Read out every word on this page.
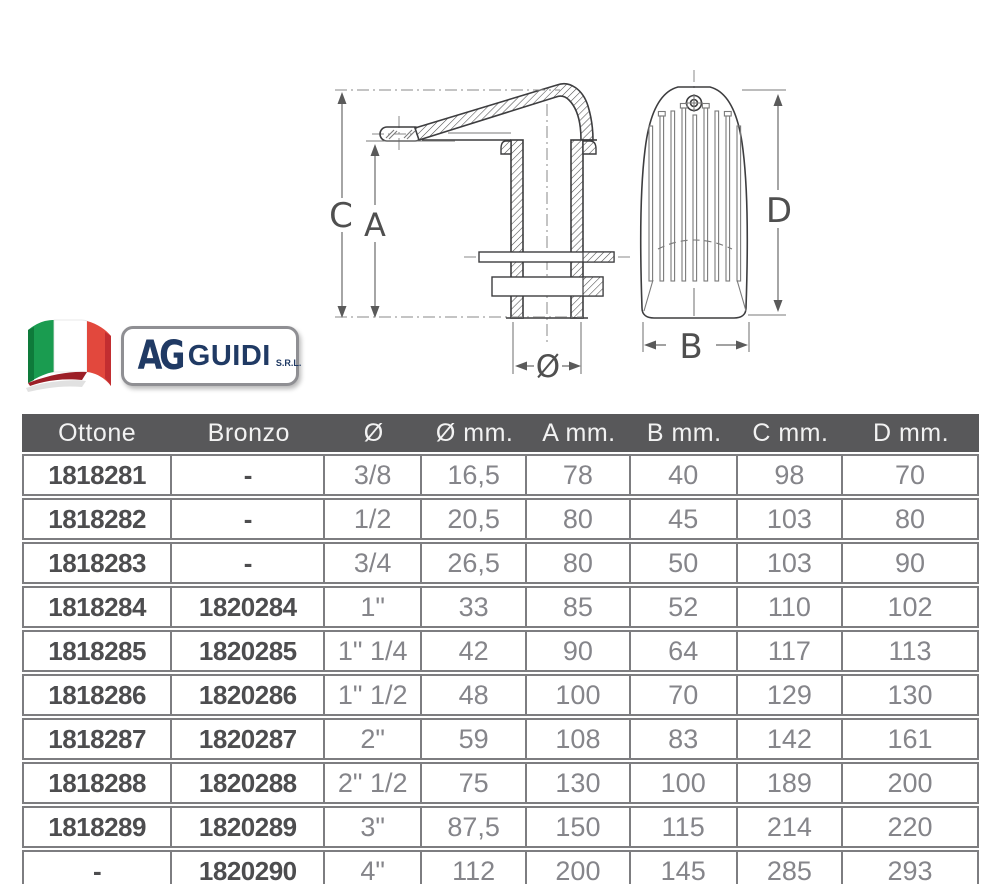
C A
Ø
D
B
AG GUIDI S.R.L.
Ottone	Bronzo	Ø	Ø mm.	A mm.	B mm.	C mm.	D mm.
1818281	-	3/8	16,5	78	40	98	70
1818282	-	1/2	20,5	80	45	103	80
1818283	-	3/4	26,5	80	50	103	90
1818284	1820284	1"	33	85	52	110	102
1818285	1820285	1" 1/4	42	90	64	117	113
1818286	1820286	1" 1/2	48	100	70	129	130
1818287	1820287	2"	59	108	83	142	161
1818288	1820288	2" 1/2	75	130	100	189	200
1818289	1820289	3"	87,5	150	115	214	220
-	1820290	4"	112	200	145	285	293
